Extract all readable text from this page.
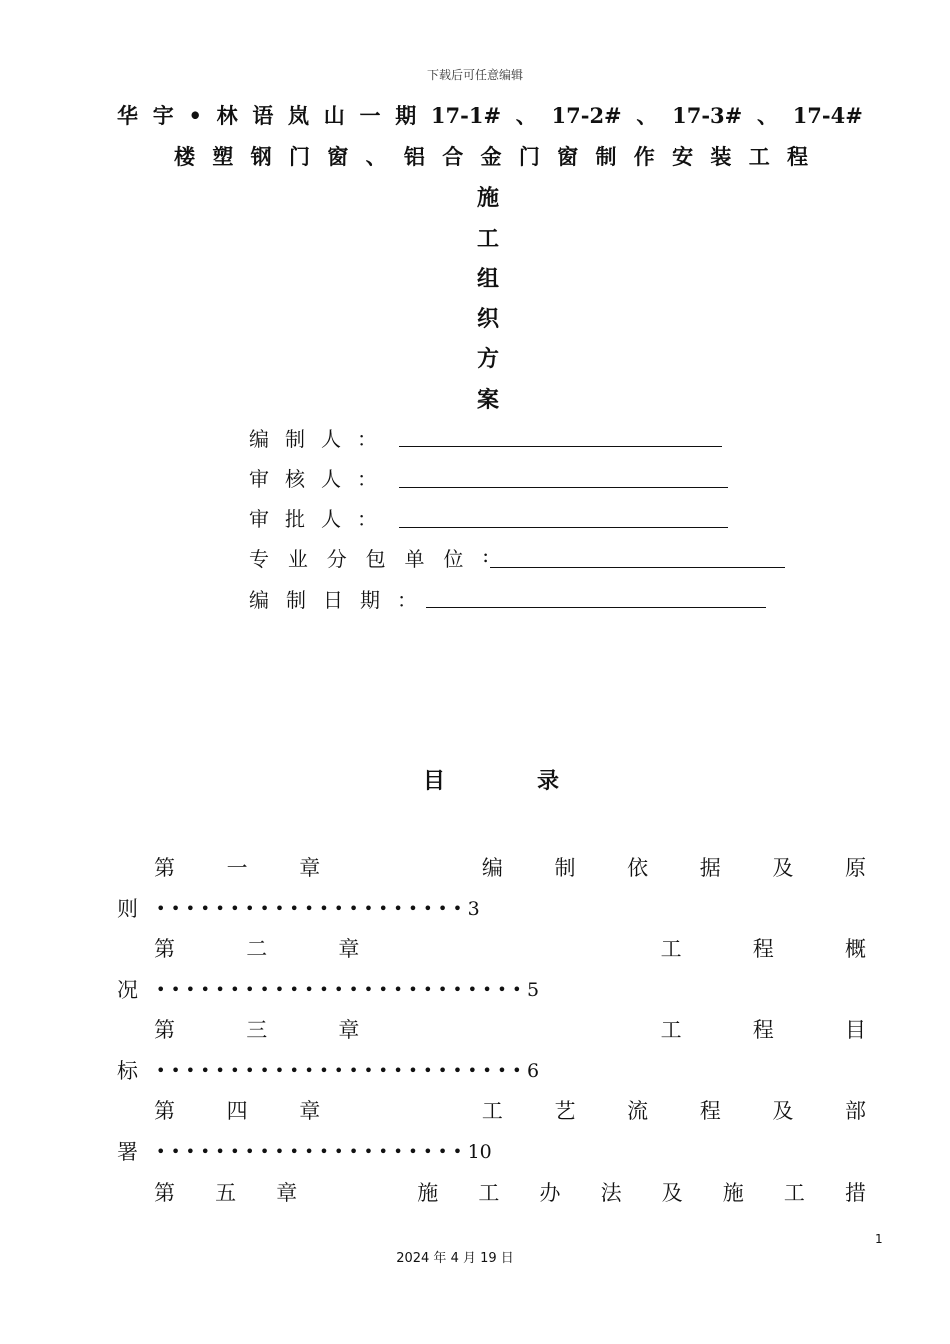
下载后可任意编辑
华 宇 • 林 语 岚 山 一 期 17-1# 、 17-2# 、 17-3# 、 17-4#
楼 塑 钢 门 窗 、 铝 合 金 门 窗 制 作 安 装 工 程
施
工
组
织
方
案
编 制 人 ：
审 核 人 ：
审 批 人 ：
专 业 分 包 单 位 :
编 制 日 期 ：
目	录
第 一 章	编 制 依 据 及 原
则 ••••••••••••••••••••• 3
第	二	章	工	程	概
况 ••••••••••••••••••••••••• 5
第	三	章	工	程	目
标 ••••••••••••••••••••••••• 6
第 四 章	工 艺 流 程 及 部
署 ••••••••••••••••••••• 10
第 五 章	施 工 办 法 及 施 工 措
1
2024 年 4 月 19 日
